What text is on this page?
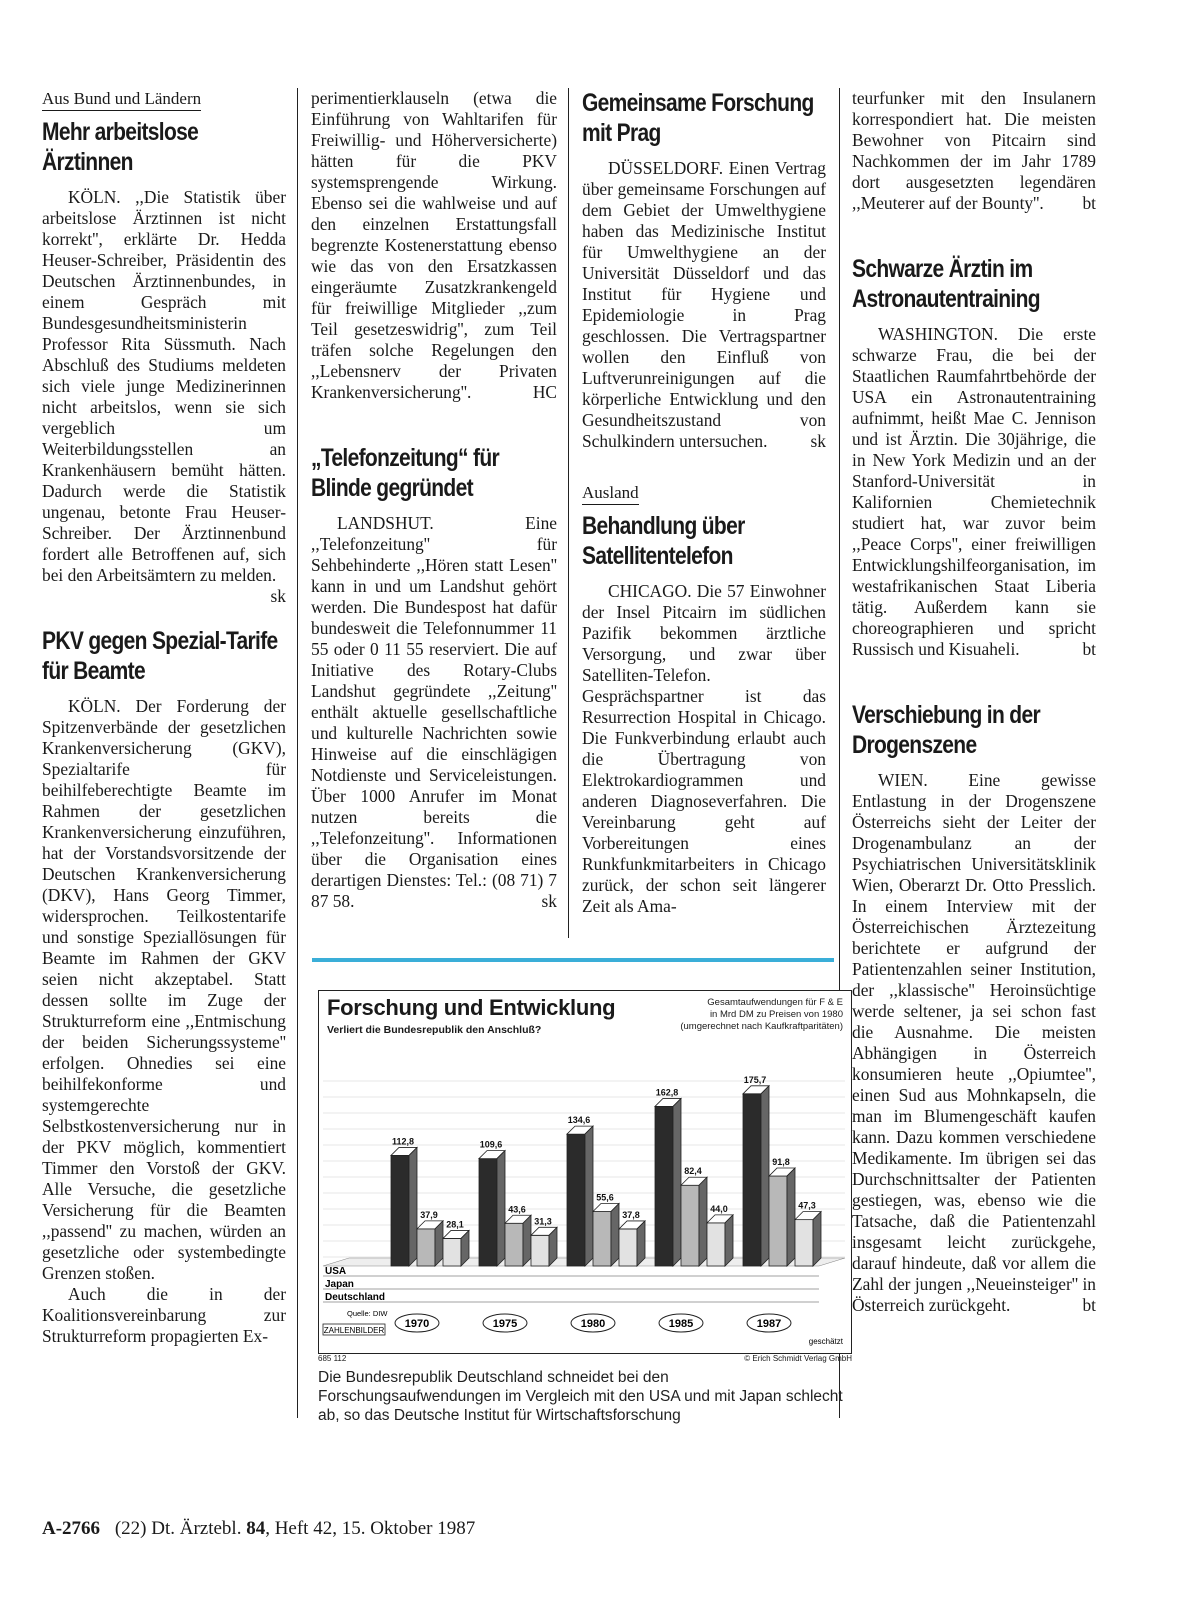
Aus Bund und Ländern
Mehr arbeitslose Ärztinnen

KÖLN. ,,Die Statistik über arbeitslose Ärztinnen ist nicht korrekt'', erklärte Dr. Hedda Heuser-Schreiber, Präsidentin des Deutschen Ärztinnenbundes, in einem Gespräch mit Bundesgesundheitsministerin Professor Rita Süssmuth. Nach Abschluß des Studiums meldeten sich viele junge Medizinerinnen nicht arbeitslos, wenn sie sich vergeblich um Weiterbildungsstellen an Krankenhäusern bemüht hätten. Dadurch werde die Statistik ungenau, betonte Frau Heuser-Schreiber. Der Ärztinnenbund fordert alle Betroffenen auf, sich bei den Arbeitsämtern zu melden.
sk

PKV gegen Spezial-Tarife für Beamte

KÖLN. Der Forderung der Spitzenverbände der gesetzlichen Krankenversicherung (GKV), Spezialtarife für beihilfeberechtigte Beamte im Rahmen der gesetzlichen Krankenversicherung einzuführen, hat der Vorstandsvorsitzende der Deutschen Krankenversicherung (DKV), Hans Georg Timmer, widersprochen. Teilkostentarife und sonstige Speziallösungen für Beamte im Rahmen der GKV seien nicht akzeptabel. Statt dessen sollte im Zuge der Strukturreform eine ,,Entmischung der beiden Sicherungssysteme'' erfolgen. Ohnedies sei eine beihilfekonforme und systemgerechte Selbstkostenversicherung nur in der PKV möglich, kommentiert Timmer den Vorstoß der GKV. Alle Versuche, die gesetzliche Versicherung für die Beamten ,,passend'' zu machen, würden an gesetzliche oder systembedingte Grenzen stoßen.

Auch die in der Koalitionsvereinbarung zur Strukturreform propagierten Ex-

perimentierklauseln (etwa die Einführung von Wahltarifen für Freiwillig- und Höherversicherte) hätten für die PKV systemsprengende Wirkung. Ebenso sei die wahlweise und auf den einzelnen Erstattungsfall begrenzte Kostenerstattung ebenso wie das von den Ersatzkassen eingeräumte Zusatzkrankengeld für freiwillige Mitglieder ,,zum Teil gesetzeswidrig'', zum Teil träfen solche Regelungen den ,,Lebensnerv der Privaten Krankenversicherung''.	HC

„Telefonzeitung“ für Blinde gegründet

LANDSHUT. Eine ,,Telefonzeitung'' für Sehbehinderte ,,Hören statt Lesen'' kann in und um Landshut gehört werden. Die Bundespost hat dafür bundesweit die Telefonnummer 11 55 oder 0 11 55 reserviert. Die auf Initiative des Rotary-Clubs Landshut gegründete ,,Zeitung'' enthält aktuelle gesellschaftliche und kulturelle Nachrichten sowie Hinweise auf die einschlägigen Notdienste und Serviceleistungen. Über 1000 Anrufer im Monat nutzen bereits die ,,Telefonzeitung''. Informationen über die Organisation eines derartigen Dienstes: Tel.: (08 71) 7 87 58.	sk

Gemeinsame Forschung mit Prag

DÜSSELDORF. Einen Vertrag über gemeinsame Forschungen auf dem Gebiet der Umwelthygiene haben das Medizinische Institut für Umwelthygiene an der Universität Düsseldorf und das Institut für Hygiene und Epidemiologie in Prag geschlossen. Die Vertragspartner wollen den Einfluß von Luftverunreinigungen auf die körperliche Entwicklung und den Gesundheitszustand von Schulkindern untersuchen.	sk

Ausland
Behandlung über Satellitentelefon

CHICAGO. Die 57 Einwohner der Insel Pitcairn im südlichen Pazifik bekommen ärztliche Versorgung, und zwar über Satelliten-Telefon. Gesprächspartner ist das Resurrection Hospital in Chicago. Die Funkverbindung erlaubt auch die Übertragung von Elektrokardiogrammen und anderen Diagnoseverfahren. Die Vereinbarung geht auf Vorbereitungen eines Runkfunkmitarbeiters in Chicago zurück, der schon seit längerer Zeit als Ama-

teurfunker mit den Insulanern korrespondiert hat. Die meisten Bewohner von Pitcairn sind Nachkommen der im Jahr 1789 dort ausgesetzten legendären ,,Meuterer auf der Bounty''. bt

Schwarze Ärztin im Astronautentraining

WASHINGTON. Die erste schwarze Frau, die bei der Staatlichen Raumfahrtbehörde der USA ein Astronautentraining aufnimmt, heißt Mae C. Jennison und ist Ärztin. Die 30jährige, die in New York Medizin und an der Stanford-Universität in Kalifornien Chemietechnik studiert hat, war zuvor beim ,,Peace Corps'', einer freiwilligen Entwicklungshilfeorganisation, im westafrikanischen Staat Liberia tätig. Außerdem kann sie choreographieren und spricht Russisch und Kisuaheli.	bt

Verschiebung in der Drogenszene

WIEN. Eine gewisse Entlastung in der Drogenszene Österreichs sieht der Leiter der Drogenambulanz an der Psychiatrischen Universitätsklinik Wien, Oberarzt Dr. Otto Presslich. In einem Interview mit der Österreichischen Ärztezeitung berichtete er aufgrund der Patientenzahlen seiner Institution, der ,,klassische'' Heroinsüchtige werde seltener, ja sei schon fast die Ausnahme. Die meisten Abhängigen in Österreich konsumieren heute ,,Opiumtee'', einen Sud aus Mohnkapseln, die man im Blumengeschäft kaufen kann. Dazu kommen verschiedene Medikamente. Im übrigen sei das Durchschnittsalter der Patienten gestiegen, was, ebenso wie die Tatsache, daß die Patientenzahl insgesamt leicht zurückgehe, darauf hindeute, daß vor allem die Zahl der jungen ,,Neueinsteiger'' in Österreich zurückgeht.	bt

Forschung und Entwicklung
Verliert die Bundesrepublik den Anschluß?
Gesamtaufwendungen für F & E
in Mrd DM zu Preisen von 1980
(umgerechnet nach Kaufkraftparitäten)
112,8
37,9
28,1
1970
109,6
43,6
31,3
1975
134,6
55,6
37,8
1980
162,8
82,4
44,0
1985
175,7
91,8
47,3
1987
USA
Japan
Deutschland
Quelle: DIW
ZAHLENBILDER
geschätzt
685 112	© Erich Schmidt Verlag GmbH
Die Bundesrepublik Deutschland schneidet bei den Forschungsaufwendungen im Vergleich mit den USA und mit Japan schlecht ab, so das Deutsche Institut für Wirtschaftsforschung
A-2766 (22) Dt. Ärztebl. 84, Heft 42, 15. Oktober 1987
